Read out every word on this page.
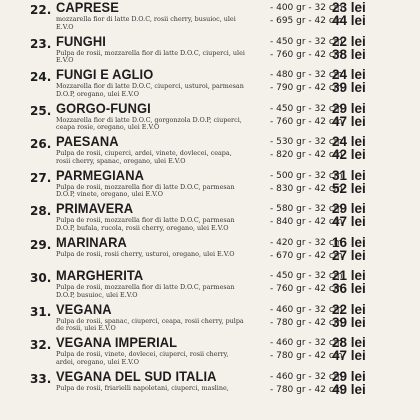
22. CAPRESE
mozzarella fior di latte D.O.C, rosii cherry, busuioc, ulei E.V.O
- 400 gr - 32 cm
23 lei
- 695 gr - 42 cm
44 lei
23. FUNGHI
Pulpa de rosii, mozzarella fior di latte D.O.C, ciuperci, ulei E.V.O
- 450 gr - 32 cm
22 lei
- 760 gr - 42 cm
38 lei
24. FUNGI E AGLIO
Mozzarella fior di latte D.O.C, ciuperci, usturoi, parmesan D.O.P, oregano, ulei E.V.O
- 480 gr - 32 cm
24 lei
- 790 gr - 42 cm
39 lei
25. GORGO-FUNGI
Mozzarella fior di latte D.O.C, gorgonzola D.O.P, ciuperci, ceapa rosie, oregano, ulei E.V.O
- 450 gr - 32 cm
29 lei
- 760 gr - 42 cm
47 lei
26. PAESANA
Pulpa de rosii, ciuperci, ardei, vinete, dovlecei, ceapa, rosii cherry, spanac, oregano, ulei E.V.O
- 530 gr - 32 cm
24 lei
- 820 gr - 42 cm
42 lei
27. PARMEGIANA
Pulpa de rosii, mozzarella fior di latte D.O.C, parmesan D.O.P, vinete, oregano, ulei E.V.O
- 500 gr - 32 cm
31 lei
- 830 gr - 42 cm
52 lei
28. PRIMAVERA
Pulpa de rosii, mozzarella fior di latte D.O.C, parmesan D.O.P, bufala, rucola, rosii cherry, oregano, ulei E.V.O
- 580 gr - 32 cm
29 lei
- 840 gr - 42 cm
47 lei
29. MARINARA
Pulpa de rosii, rosii cherry, usturoi, oregano, ulei E.V.O
- 420 gr - 32 cm
16 lei
- 670 gr - 42 cm
27 lei
30. MARGHERITA
Pulpa de rosii, mozzarella fior di latte D.O.C, parmesan D.O.P, busuioc, ulei E.V.O
- 450 gr - 32 cm
21 lei
- 760 gr - 42 cm
36 lei
31. VEGANA
Pulpa de rosii, spanac, ciuperci, ceapa, rosii cherry, pulpa de rosii, ulei E.V.O
- 460 gr - 32 cm
22 lei
- 780 gr - 42 cm
39 lei
32. VEGANA IMPERIAL
Pulpa de rosii, vinete, dovlecei, ciuperci, rosii cherry, ardei, oregano, ulei E.V.O
- 460 gr - 32 cm
28 lei
- 780 gr - 42 cm
47 lei
33. VEGANA DEL SUD ITALIA
Pulpa de rosii, friarielli napoletani, ciuperci, masline,
- 460 gr - 32 cm
29 lei
- 780 gr - 42 cm
49 lei
